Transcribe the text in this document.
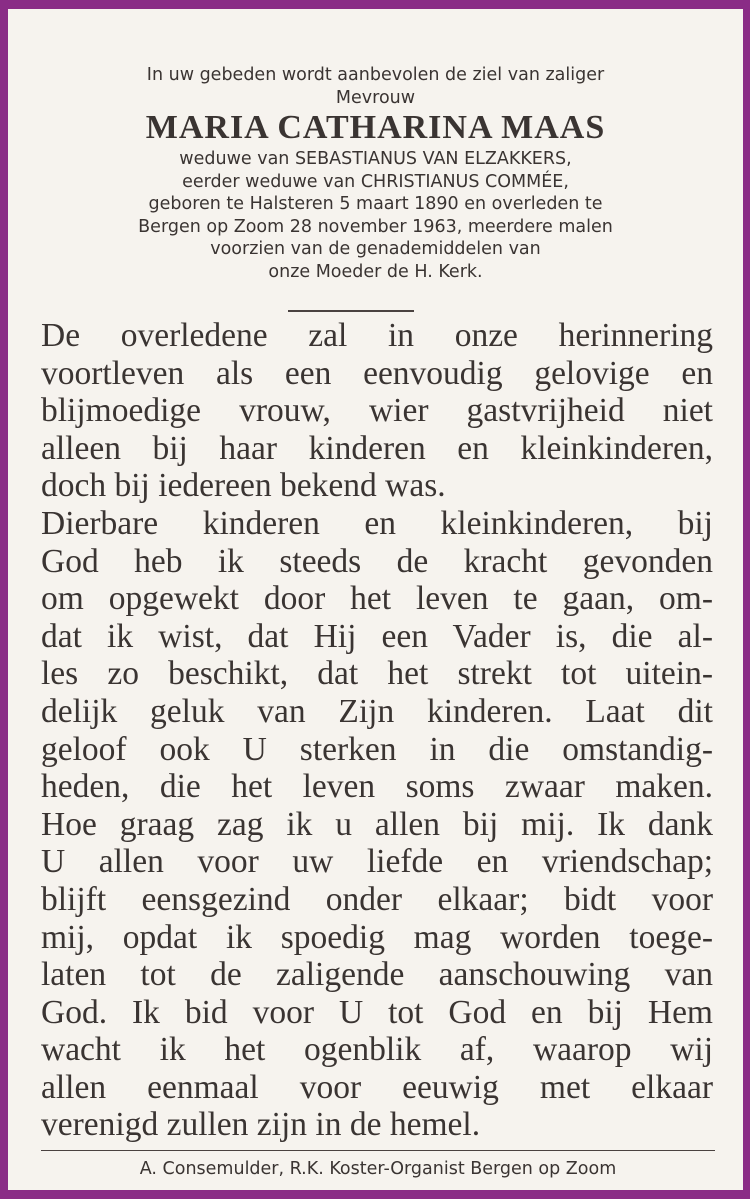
In uw gebeden wordt aanbevolen de ziel van zaliger
Mevrouw
MARIA CATHARINA MAAS
weduwe van SEBASTIANUS VAN ELZAKKERS,
eerder weduwe van CHRISTIANUS COMMÉE,
geboren te Halsteren 5 maart 1890 en overleden te
Bergen op Zoom 28 november 1963, meerdere malen
voorzien van de genademiddelen van
onze Moeder de H. Kerk.
De overledene zal in onze herinnering
voortleven als een eenvoudig gelovige en
blijmoedige vrouw, wier gastvrijheid niet
alleen bij haar kinderen en kleinkinderen,
doch bij iedereen bekend was.
Dierbare kinderen en kleinkinderen, bij
God heb ik steeds de kracht gevonden
om opgewekt door het leven te gaan, om-
dat ik wist, dat Hij een Vader is, die al-
les zo beschikt, dat het strekt tot uitein-
delijk geluk van Zijn kinderen. Laat dit
geloof ook U sterken in die omstandig-
heden, die het leven soms zwaar maken.
Hoe graag zag ik u allen bij mij. Ik dank
U allen voor uw liefde en vriendschap;
blijft eensgezind onder elkaar; bidt voor
mij, opdat ik spoedig mag worden toege-
laten tot de zaligende aanschouwing van
God. Ik bid voor U tot God en bij Hem
wacht ik het ogenblik af, waarop wij
allen eenmaal voor eeuwig met elkaar
verenigd zullen zijn in de hemel.
A. Consemulder, R.K. Koster-Organist Bergen op Zoom
